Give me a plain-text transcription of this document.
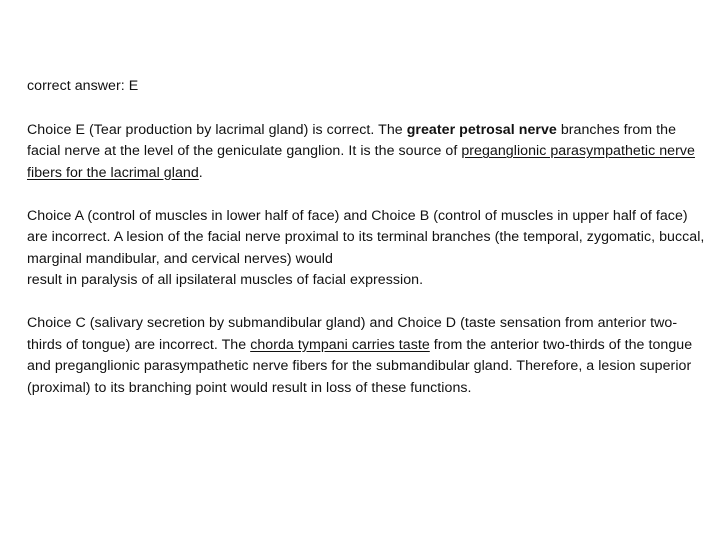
correct answer: E

Choice E (Tear production by lacrimal gland) is correct. The greater petrosal nerve branches from the facial nerve at the level of the geniculate ganglion. It is the source of preganglionic parasympathetic nerve fibers for the lacrimal gland.

Choice A (control of muscles in lower half of face) and Choice B (control of muscles in upper half of face) are incorrect. A lesion of the facial nerve proximal to its terminal branches (the temporal, zygomatic, buccal, marginal mandibular, and cervical nerves) would
result in paralysis of all ipsilateral muscles of facial expression.

Choice C (salivary secretion by submandibular gland) and Choice D (taste sensation from anterior two-thirds of tongue) are incorrect. The chorda tympani carries taste from the anterior two-thirds of the tongue and preganglionic parasympathetic nerve fibers for the submandibular gland. Therefore, a lesion superior (proximal) to its branching point would result in loss of these functions.
